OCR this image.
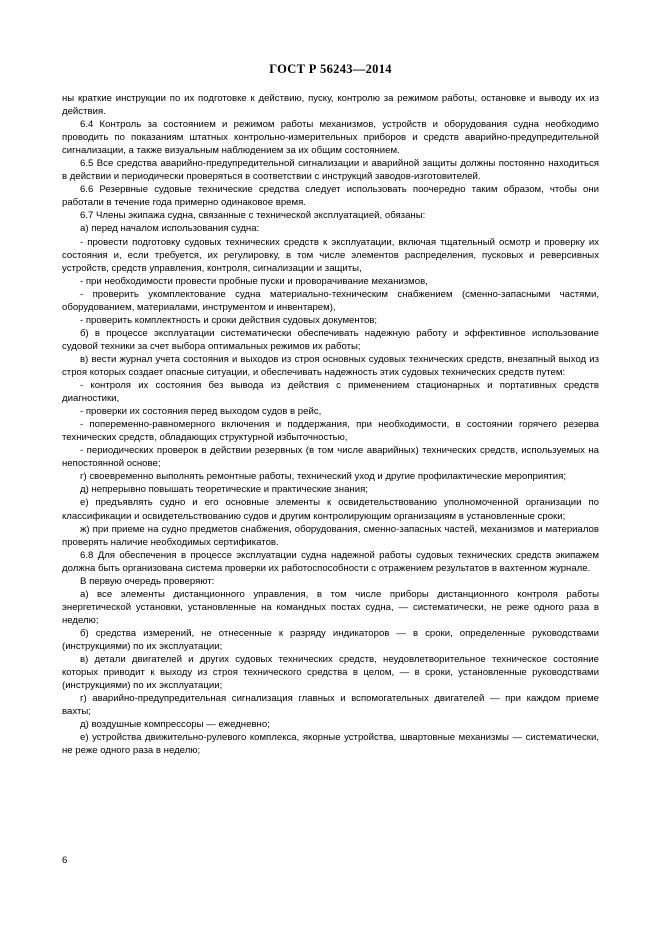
ГОСТ Р 56243—2014

ны краткие инструкции по их подготовке к действию, пуску, контролю за режимом работы, остановке и выводу их из действия.

6.4 Контроль за состоянием и режимом работы механизмов, устройств и оборудования судна необходимо проводить по показаниям штатных контрольно-измерительных приборов и средств аварийно-предупредительной сигнализации, а также визуальным наблюдением за их общим состоянием.

6.5 Все средства аварийно-предупредительной сигнализации и аварийной защиты должны постоянно находиться в действии и периодически проверяться в соответствии с инструкций заводов-изготовителей.

6.6 Резервные судовые технические средства следует использовать поочередно таким образом, чтобы они работали в течение года примерно одинаковое время.

6.7 Члены экипажа судна, связанные с технической эксплуатацией, обязаны:

а) перед началом использования судна:

- провести подготовку судовых технических средств к эксплуатации, включая тщательный осмотр и проверку их состояния и, если требуется, их регулировку, в том числе элементов распределения, пусковых и реверсивных устройств, средств управления, контроля, сигнализации и защиты,

- при необходимости провести пробные пуски и проворачивание механизмов,

- проверить укомплектование судна материально-техническим снабжением (сменно-запасными частями, оборудованием, материалами, инструментом и инвентарем),

- проверить комплектность и сроки действия судовых документов;

б) в процессе эксплуатации систематически обеспечивать надежную работу и эффективное использование судовой техники за счет выбора оптимальных режимов их работы;

в) вести журнал учета состояния и выходов из строя основных судовых технических средств, внезапный выход из строя которых создает опасные ситуации, и обеспечивать надежность этих судовых технических средств путем:

- контроля их состояния без вывода из действия с применением стационарных и портативных средств диагностики,

- проверки их состояния перед выходом судов в рейс,

- попеременно-равномерного включения и поддержания, при необходимости, в состоянии горячего резерва технических средств, обладающих структурной избыточностью,

- периодических проверок в действии резервных (в том числе аварийных) технических средств, используемых на непостоянной основе;

г) своевременно выполнять ремонтные работы, технический уход и другие профилактические мероприятия;

д) непрерывно повышать теоретические и практические знания;

е) предъявлять судно и его основные элементы к освидетельствованию уполномоченной организации по классификации и освидетельствованию судов и другим контролирующим организациям в установленные сроки;

ж) при приеме на судно предметов снабжения, оборудования, сменно-запасных частей, механизмов и материалов проверять наличие необходимых сертификатов.

6.8 Для обеспечения в процессе эксплуатации судна надежной работы судовых технических средств экипажем должна быть организована система проверки их работоспособности с отражением результатов в вахтенном журнале.

В первую очередь проверяют:

а) все элементы дистанционного управления, в том числе приборы дистанционного контроля работы энергетической установки, установленные на командных постах судна, — систематически, не реже одного раза в неделю;

б) средства измерений, не отнесенные к разряду индикаторов — в сроки, определенные руководствами (инструкциями) по их эксплуатации;

в) детали двигателей и других судовых технических средств, неудовлетворительное техническое состояние которых приводит к выходу из строя технического средства в целом, — в сроки, установленные руководствами (инструкциями) по их эксплуатации;

г) аварийно-предупредительная сигнализация главных и вспомогательных двигателей — при каждом приеме вахты;

д) воздушные компрессоры — ежедневно;

е) устройства движительно-рулевого комплекса, якорные устройства, швартовные механизмы — систематически, не реже одного раза в неделю;

6
